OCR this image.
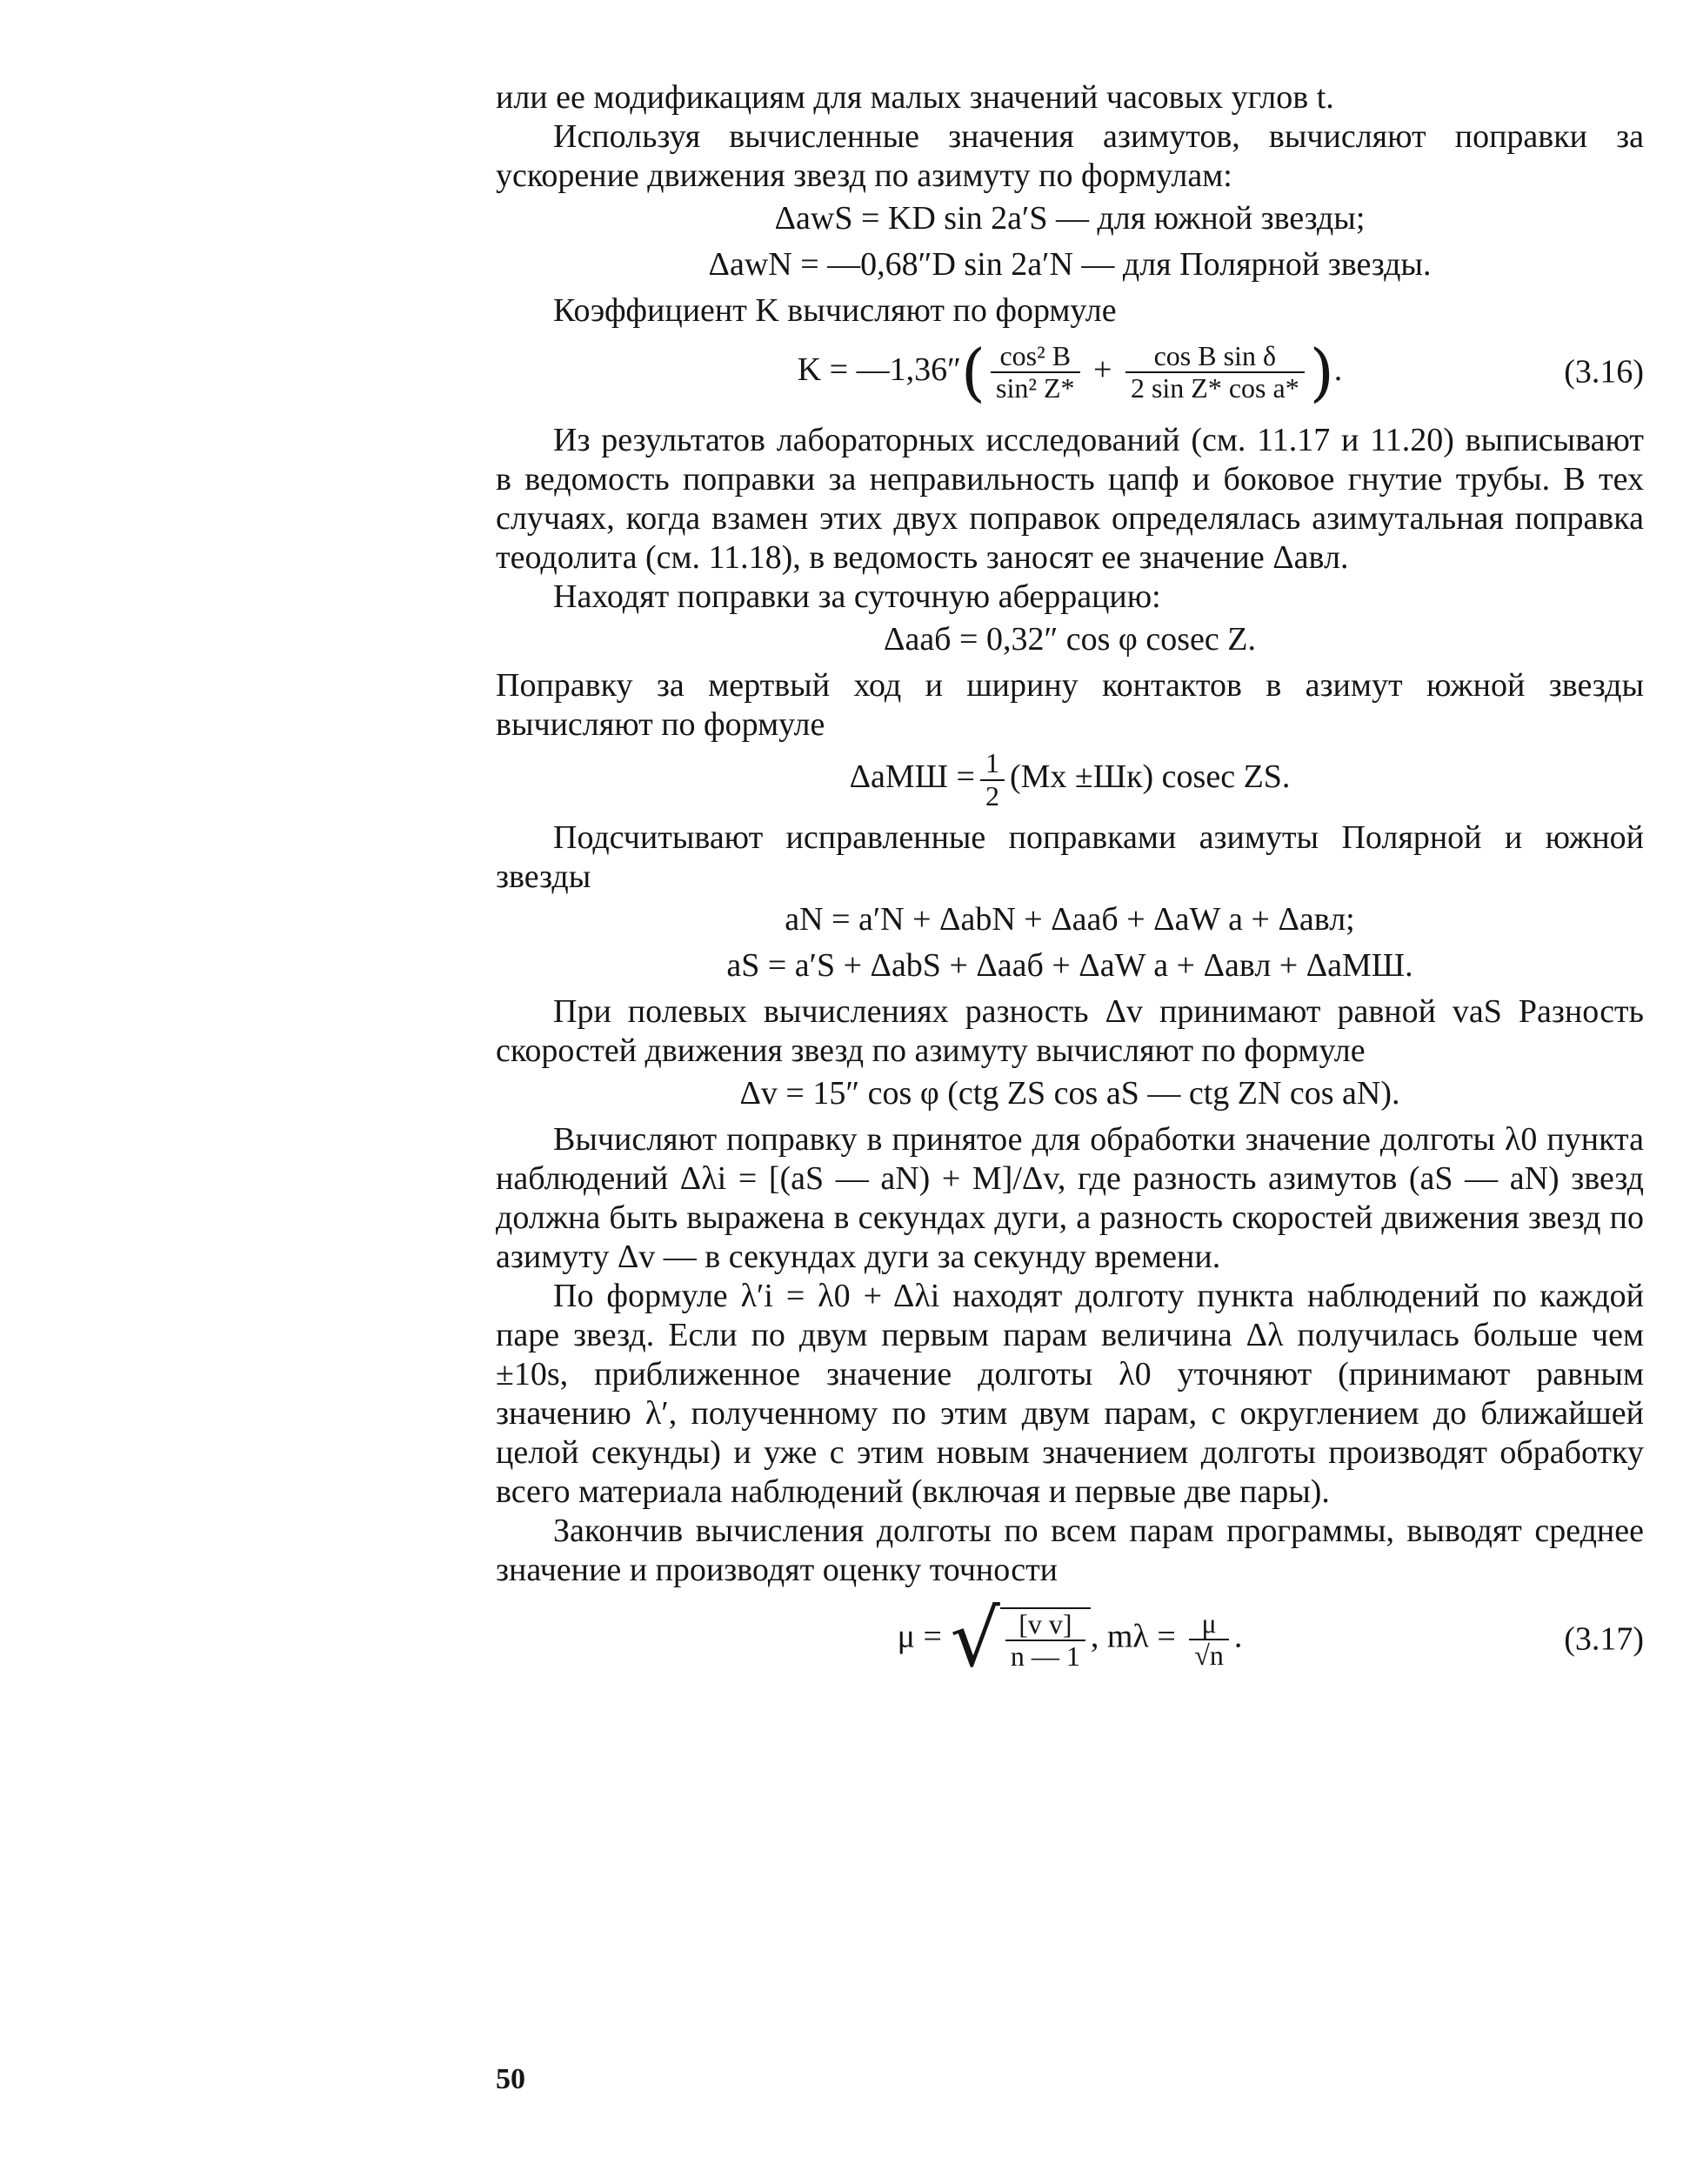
или ее модификациям для малых значений часовых углов t.

Используя вычисленные значения азимутов, вычисляют поправки за ускорение движения звезд по азимуту по формулам:

ΔawS = KD sin 2a′S — для южной звезды;
ΔawN = —0,68″D sin 2a′N — для Полярной звезды.

Коэффициент K вычисляют по формуле

K = —1,36″( $\frac{\text{cos² B}}{\text{sin² Z*}} + \frac{\text{cos B sin δ}}{\text{2 sin Z* cos a*}}$ ).	(3.16)

Из результатов лабораторных исследований (см. 11.17 и 11.20) выписывают в ведомость поправки за неправильность цапф и боковое гнутие трубы. В тех случаях, когда взамен этих двух поправок определялась азимутальная поправка теодолита (см. 11.18), в ведомость заносят ее значение Δaвл.

Находят поправки за суточную аберрацию:

Δaаб = 0,32″ cos φ cosec Z.

Поправку за мертвый ход и ширину контактов в азимут южной звезды вычисляют по формуле

$\Delta aМШ = \frac{1}{2} (Мх \pm Шк)$ cosec ZS.

Подсчитывают исправленные поправками азимуты Полярной и южной звезды

aN = a′N + ΔabN + Δaаб + ΔaW a + Δaвл;
aS = a′S + ΔabS + Δaаб + ΔaW a + Δaвл + ΔaМШ.

При полевых вычислениях разность Δv принимают равной vaS Разность скоростей движения звезд по азимуту вычисляют по формуле

Δv = 15″ cos φ (ctg ZS cos aS — ctg ZN cos aN).

Вычисляют поправку в принятое для обработки значение долготы λ0 пункта наблюдений Δλi = [(aS — aN) + M]/Δv, где разность азимутов (aS — aN) звезд должна быть выражена в секундах дуги, а разность скоростей движения звезд по азимуту Δv — в секундах дуги за секунду времени.

По формуле λ′i = λ0 + Δλi находят долготу пункта наблюдений по каждой паре звезд. Если по двум первым парам величина Δλ получилась больше чем ±10s, приближенное значение долготы λ0 уточняют (принимают равным значению λ′, полученному по этим двум парам, с округлением до ближайшей целой секунды) и уже с этим новым значением долготы производят обработку всего материала наблюдений (включая и первые две пары).

Закончив вычисления долготы по всем парам программы, выводят среднее значение и производят оценку точности

μ = √ $\frac{\text{[v v]}}{n — 1}$ , $m\lambda = \frac{\mu}{√n}$ .	(3.17)
50
